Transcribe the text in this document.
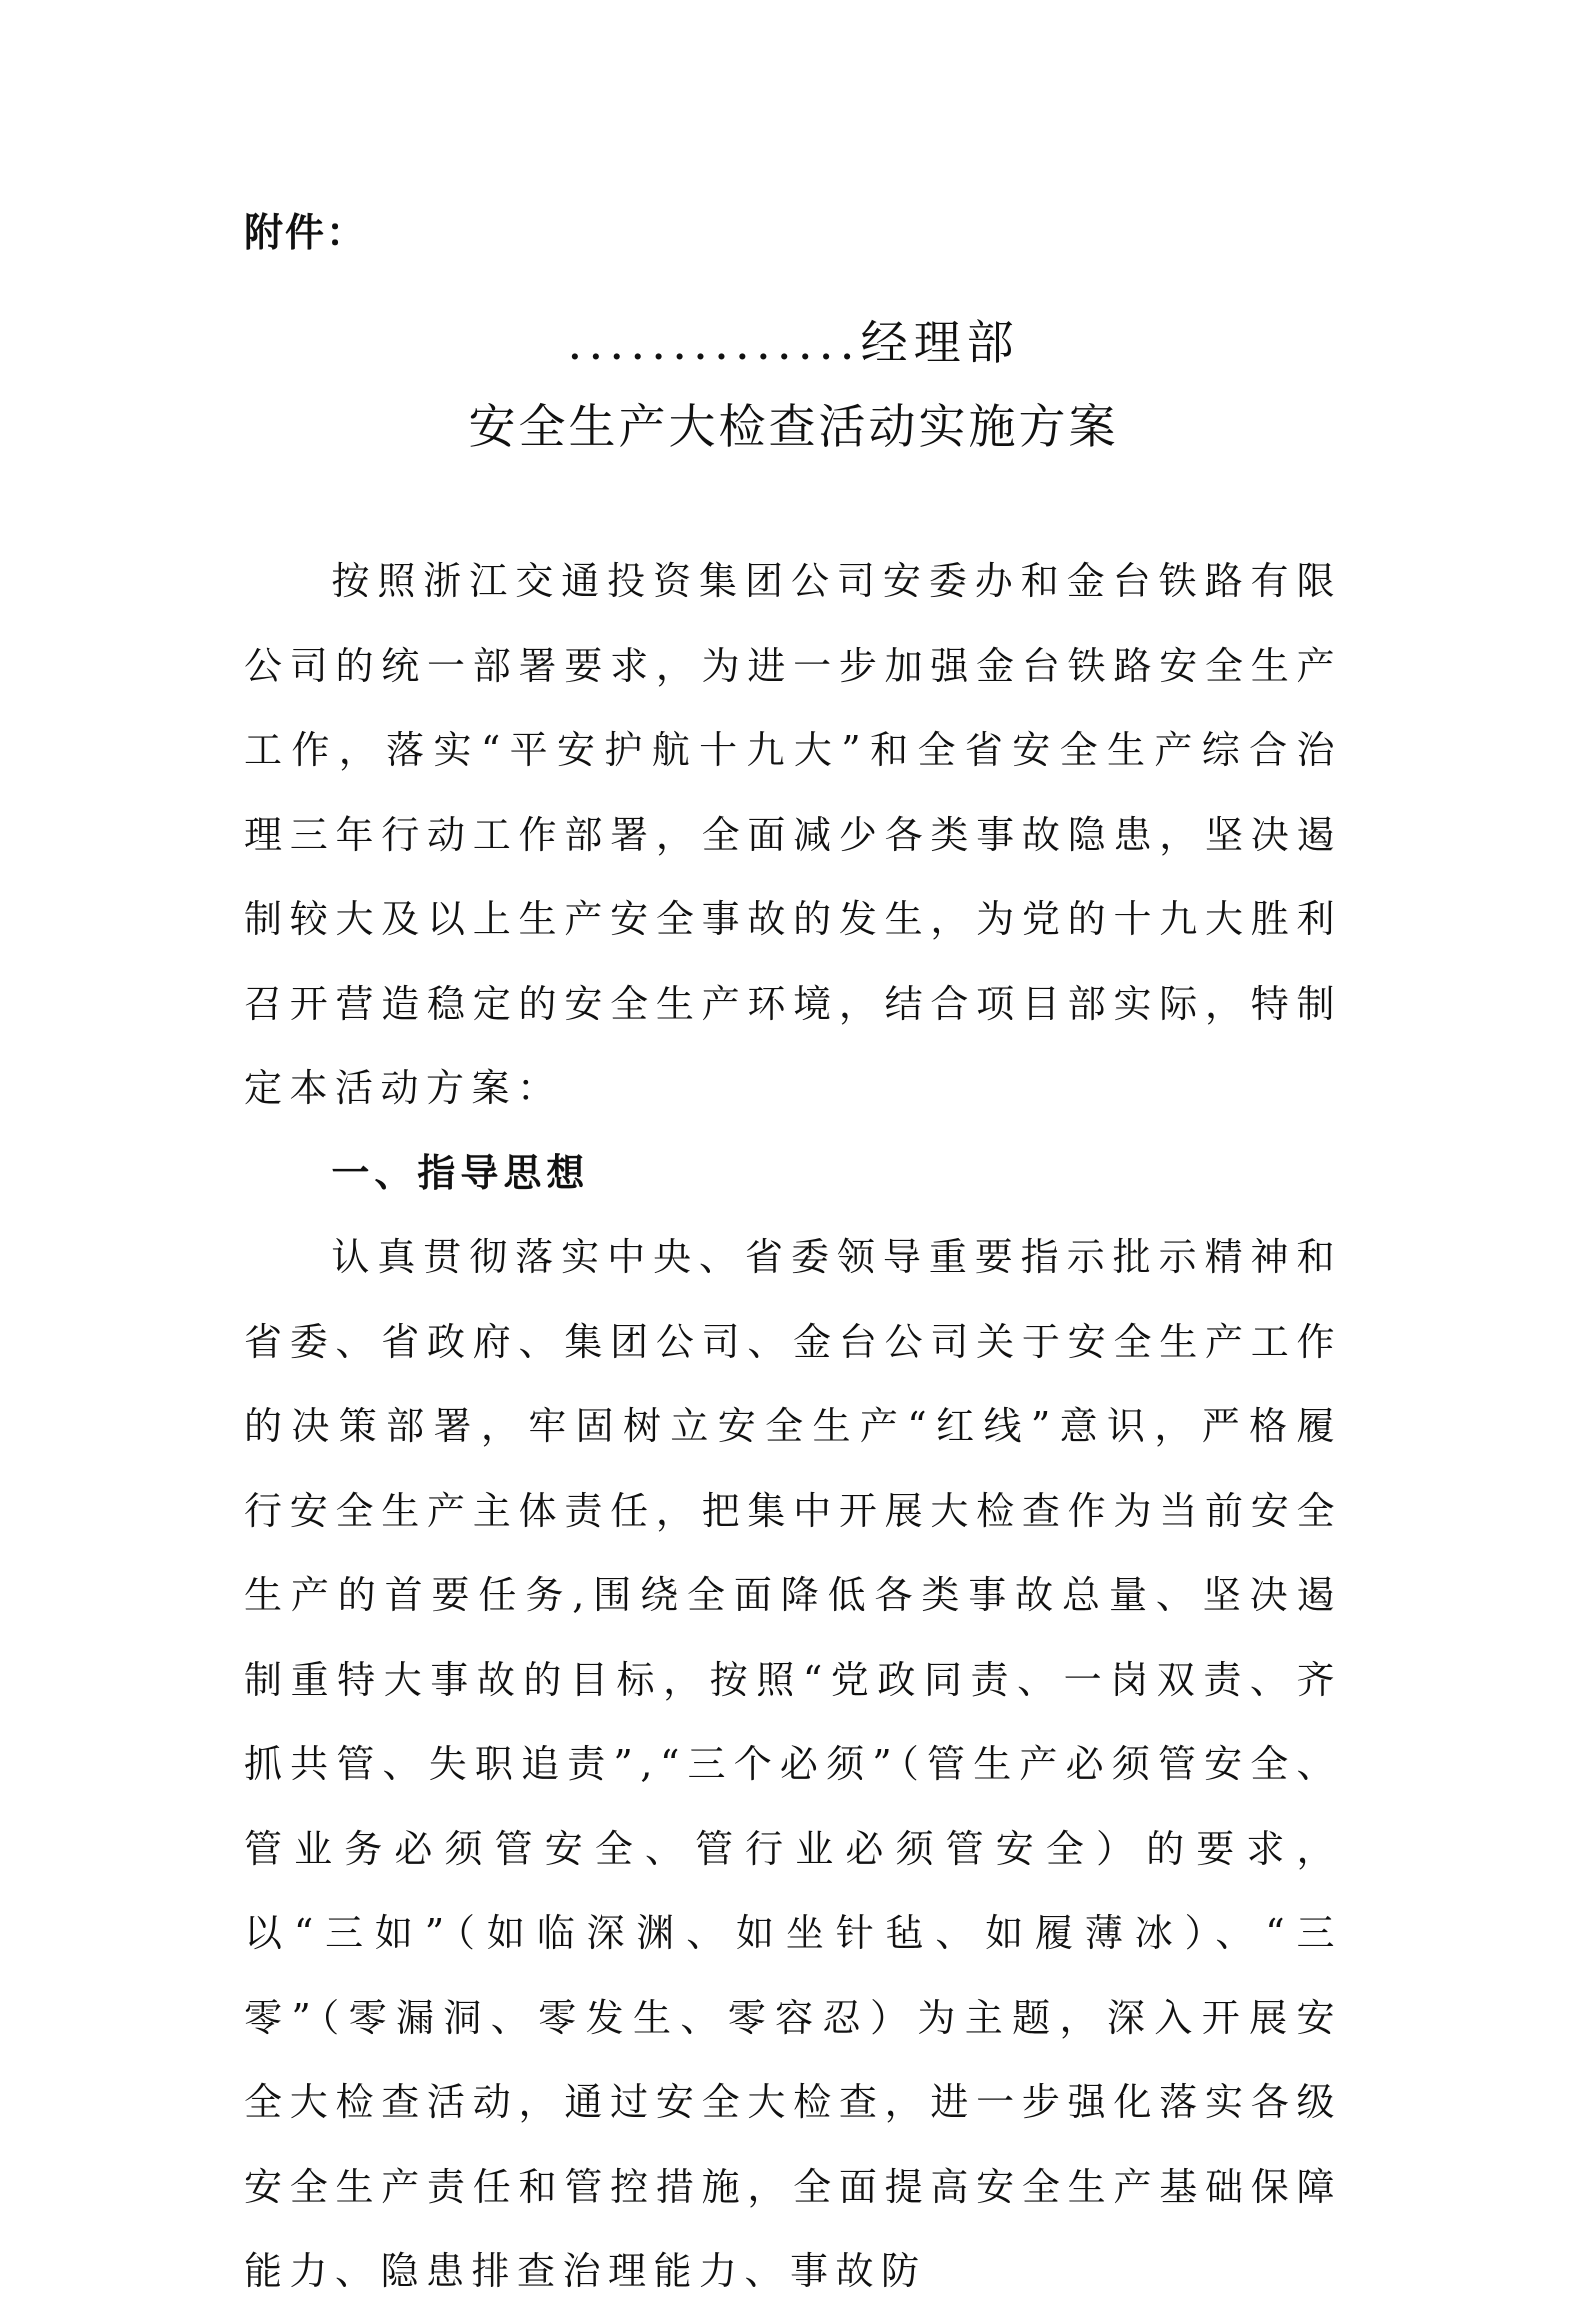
附件：
..............经理部
安全生产大检查活动实施方案

按照浙江交通投资集团公司安委办和金台铁路有限公司的统一部署要求，为进一步加强金台铁路安全生产工作，落实“平安护航十九大”和全省安全生产综合治理三年行动工作部署，全面减少各类事故隐患，坚决遏制较大及以上生产安全事故的发生，为党的十九大胜利召开营造稳定的安全生产环境，结合项目部实际，特制定本活动方案：

一、指导思想

认真贯彻落实中央、省委领导重要指示批示精神和省委、省政府、集团公司、金台公司关于安全生产工作的决策部署，牢固树立安全生产“红线”意识，严格履行安全生产主体责任，把集中开展大检查作为当前安全生产的首要任务,围绕全面降低各类事故总量、坚决遏制重特大事故的目标，按照“党政同责、一岗双责、齐抓共管、失职追责”,“三个必须”（管生产必须管安全、管业务必须管安全、管行业必须管安全）的要求，以“三如”（如临深渊、如坐针毡、如履薄冰）、“三零”（零漏洞、零发生、零容忍）为主题，深入开展安全大检查活动，通过安全大检查，进一步强化落实各级安全生产责任和管控措施，全面提高安全生产基础保障能力、隐患排查治理能力、事故防
